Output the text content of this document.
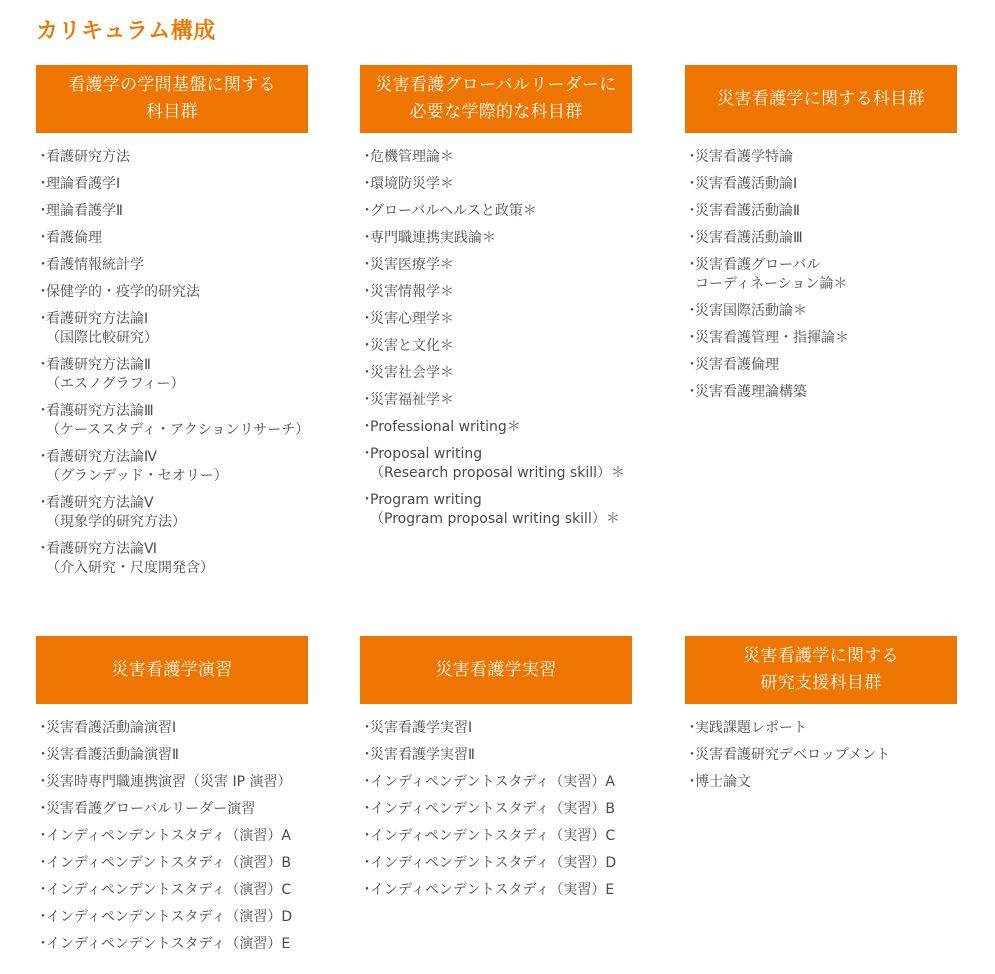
カリキュラム構成
看護学の学問基盤に関する
科目群
・
看護研究方法
・
理論看護学Ⅰ
・
理論看護学Ⅱ
・
看護倫理
・
看護情報統計学
・
保健学的・疫学的研究法
・
看護研究方法論Ⅰ
（国際比較研究）
・
看護研究方法論Ⅱ
（エスノグラフィー）
・
看護研究方法論Ⅲ
（ケーススタディ・アクションリサーチ）
・
看護研究方法論Ⅳ
（グランデッド・セオリー）
・
看護研究方法論Ⅴ
（現象学的研究方法）
・
看護研究方法論Ⅵ
（介入研究・尺度開発含）
災害看護グローバルリーダーに
必要な学際的な科目群
・
危機管理論＊
・
環境防災学＊
・
グローバルヘルスと政策＊
・
専門職連携実践論＊
・
災害医療学＊
・
災害情報学＊
・
災害心理学＊
・
災害と文化＊
・
災害社会学＊
・
災害福祉学＊
・
Professional writing＊
・
Proposal writing
（Research proposal writing skill）＊
・
Program writing
（Program proposal writing skill）＊
災害看護学に関する科目群
・
災害看護学特論
・
災害看護活動論Ⅰ
・
災害看護活動論Ⅱ
・
災害看護活動論Ⅲ
・
災害看護グローバル
コーディネーション論＊
・
災害国際活動論＊
・
災害看護管理・指揮論＊
・
災害看護倫理
・
災害看護理論構築
災害看護学演習
・
災害看護活動論演習Ⅰ
・
災害看護活動論演習Ⅱ
・
災害時専門職連携演習（災害 IP 演習）
・
災害看護グローバルリーダー演習
・
インディペンデントスタディ（演習）A
・
インディペンデントスタディ（演習）B
・
インディペンデントスタディ（演習）C
・
インディペンデントスタディ（演習）D
・
インディペンデントスタディ（演習）E
災害看護学実習
・
災害看護学実習Ⅰ
・
災害看護学実習Ⅱ
・
インディペンデントスタディ（実習）A
・
インディペンデントスタディ（実習）B
・
インディペンデントスタディ（実習）C
・
インディペンデントスタディ（実習）D
・
インディペンデントスタディ（実習）E
災害看護学に関する
研究支援科目群
・
実践課題レポート
・
災害看護研究デベロップメント
・
博士論文
